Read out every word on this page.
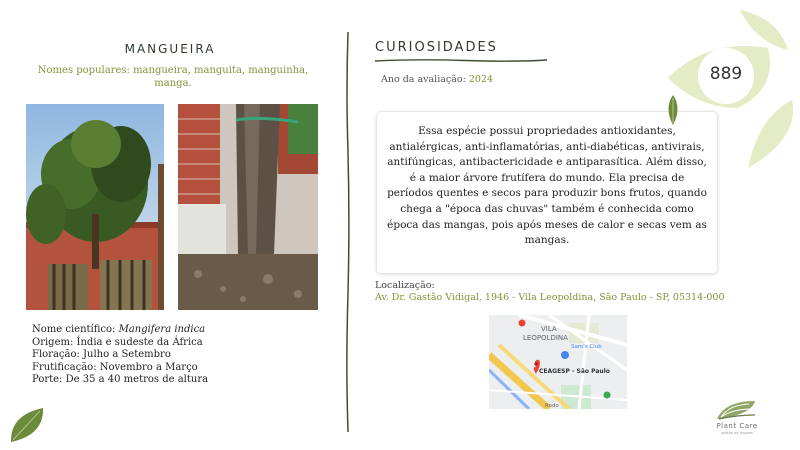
MANGUEIRA
Nomes populares: mangueira, manguita, manguinha, manga.
Nome científico: Mangifera indica
Origem: Índia e sudeste da África
Floração: Julho a Setembro
Frutificação: Novembro a Março
Porte: De 35 a 40 metros de altura
CURIOSIDADES
Ano da avaliação: 2024

Essa espécie possui propriedades antioxidantes, antialérgicas, anti-inflamatórias, anti-diabéticas, antivirais, antifúngicas, antibactericidade e antiparasítica. Além disso, é a maior árvore frutífera do mundo. Ela precisa de períodos quentes e secos para produzir bons frutos, quando chega a "época das chuvas" também é conhecida como época das mangas, pois após meses de calor e secas vem as mangas.

Localização:
Av. Dr. Gastão Vidigal, 1946 - Vila Leopoldina, São Paulo - SP, 05314-000
VILA
LEOPOLDINA
Sam's Club
CEAGESP - São Paulo
Rodo
889
Plant Care
gestão de árvores
